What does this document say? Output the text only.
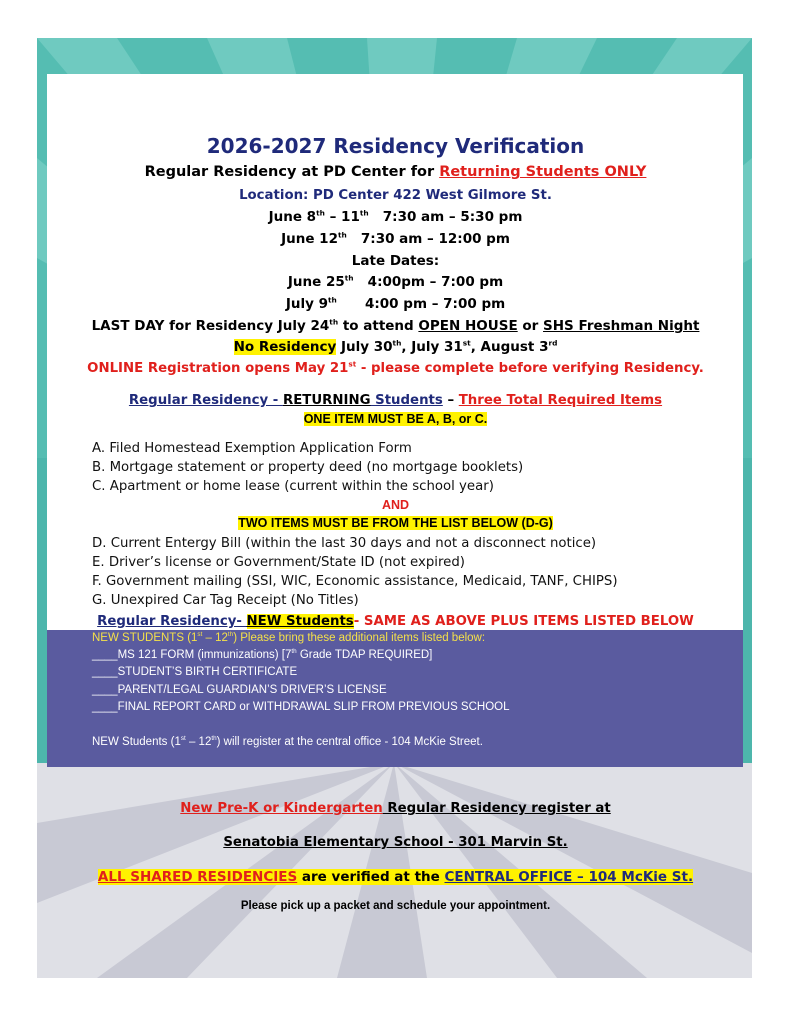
2026-2027 Residency Verification
Regular Residency at PD Center for Returning Students ONLY
Location: PD Center 422 West Gilmore St.
June 8th – 11th 7:30 am – 5:30 pm
June 12th 7:30 am – 12:00 pm
Late Dates:
June 25th 4:00pm – 7:00 pm
July 9th 4:00 pm – 7:00 pm
LAST DAY for Residency July 24th to attend OPEN HOUSE or SHS Freshman Night
No Residency July 30th, July 31st, August 3rd
ONLINE Registration opens May 21st - please complete before verifying Residency.
Regular Residency - RETURNING Students – Three Total Required Items
ONE ITEM MUST BE A, B, or C.
A. Filed Homestead Exemption Application Form
B. Mortgage statement or property deed (no mortgage booklets)
C. Apartment or home lease (current within the school year)
AND
TWO ITEMS MUST BE FROM THE LIST BELOW (D-G)
D. Current Entergy Bill (within the last 30 days and not a disconnect notice)
E. Driver’s license or Government/State ID (not expired)
F. Government mailing (SSI, WIC, Economic assistance, Medicaid, TANF, CHIPS)
G. Unexpired Car Tag Receipt (No Titles)
Regular Residency- NEW Students- SAME AS ABOVE PLUS ITEMS LISTED BELOW
NEW STUDENTS (1st – 12th) Please bring these additional items listed below:
____MS 121 FORM (immunizations) [7th Grade TDAP REQUIRED]
____STUDENT’S BIRTH CERTIFICATE
____PARENT/LEGAL GUARDIAN’S DRIVER’S LICENSE
____FINAL REPORT CARD or WITHDRAWAL SLIP FROM PREVIOUS SCHOOL
NEW Students (1st – 12th) will register at the central office - 104 McKie Street.
New Pre-K or Kindergarten Regular Residency register at
Senatobia Elementary School - 301 Marvin St.
ALL SHARED RESIDENCIES are verified at the CENTRAL OFFICE – 104 McKie St.
Please pick up a packet and schedule your appointment.
